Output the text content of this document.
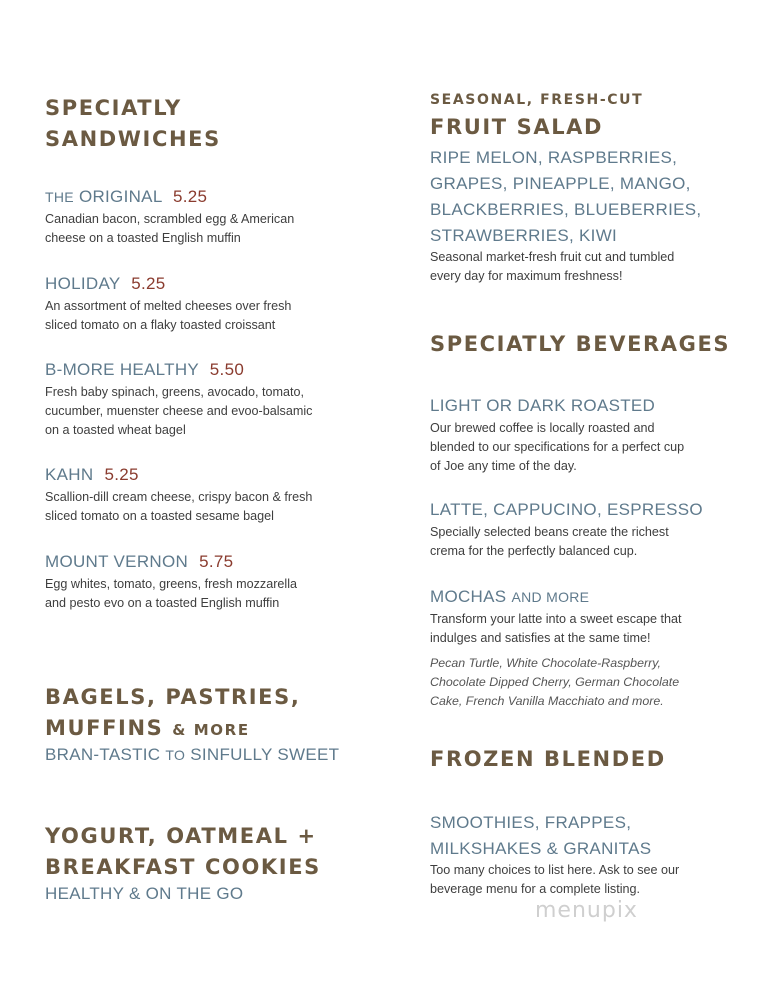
SPECIATLY
SANDWICHES
THE ORIGINAL 5.25
Canadian bacon, scrambled egg & American
cheese on a toasted English muffin
HOLIDAY 5.25
An assortment of melted cheeses over fresh
sliced tomato on a flaky toasted croissant
B-MORE HEALTHY 5.50
Fresh baby spinach, greens, avocado, tomato,
cucumber, muenster cheese and evoo-balsamic
on a toasted wheat bagel
KAHN 5.25
Scallion-dill cream cheese, crispy bacon & fresh
sliced tomato on a toasted sesame bagel
MOUNT VERNON 5.75
Egg whites, tomato, greens, fresh mozzarella
and pesto evo on a toasted English muffin
BAGELS, PASTRIES,
MUFFINS & MORE
BRAN-TASTIC TO SINFULLY SWEET
YOGURT, OATMEAL +
BREAKFAST COOKIES
HEALTHY & ON THE GO
SEASONAL, FRESH-CUT
FRUIT SALAD
RIPE MELON, RASPBERRIES,
GRAPES, PINEAPPLE, MANGO,
BLACKBERRIES, BLUEBERRIES,
STRAWBERRIES, KIWI
Seasonal market-fresh fruit cut and tumbled
every day for maximum freshness!
SPECIATLY BEVERAGES
LIGHT OR DARK ROASTED
Our brewed coffee is locally roasted and
blended to our specifications for a perfect cup
of Joe any time of the day.
LATTE, CAPPUCINO, ESPRESSO
Specially selected beans create the richest
crema for the perfectly balanced cup.
MOCHAS AND MORE
Transform your latte into a sweet escape that
indulges and satisfies at the same time!
Pecan Turtle, White Chocolate-Raspberry,
Chocolate Dipped Cherry, German Chocolate
Cake, French Vanilla Macchiato and more.
FROZEN BLENDED
SMOOTHIES, FRAPPES,
MILKSHAKES & GRANITAS
Too many choices to list here. Ask to see our
beverage menu for a complete listing.
menupix
